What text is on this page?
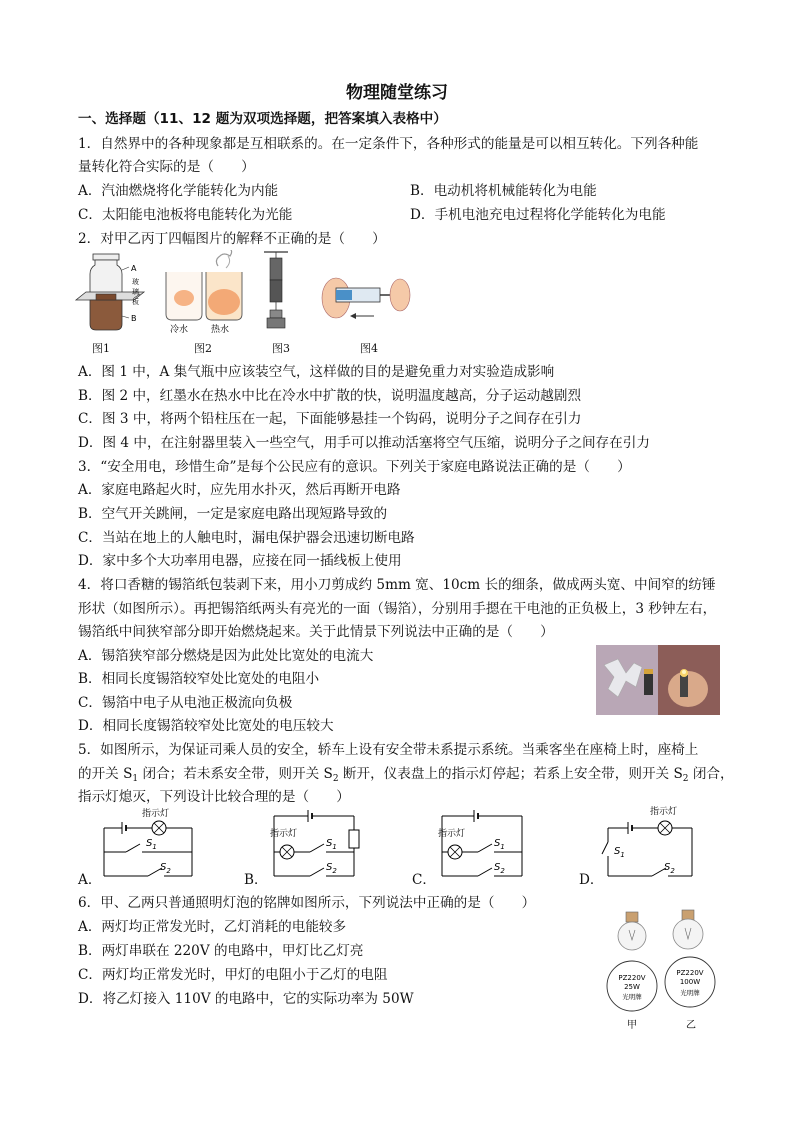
物理随堂练习
一、选择题（11、12 题为双项选择题，把答案填入表格中）
1．自然界中的各种现象都是互相联系的。在一定条件下，各种形式的能量是可以相互转化。下列各种能
量转化符合实际的是（　　）
A．汽油燃烧将化学能转化为内能	B．电动机将机械能转化为电能
C．太阳能电池板将电能转化为光能	D．手机电池充电过程将化学能转化为电能
2．对甲乙丙丁四幅图片的解释不正确的是（　　）
A
B
玻
璃
板
冷水	热水
图1	图2	图3	图4
A．图 1 中，A 集气瓶中应该装空气，这样做的目的是避免重力对实验造成影响
B．图 2 中，红墨水在热水中比在冷水中扩散的快，说明温度越高，分子运动越剧烈
C．图 3 中，将两个铅柱压在一起，下面能够悬挂一个钩码，说明分子之间存在引力
D．图 4 中，在注射器里装入一些空气，用手可以推动活塞将空气压缩，说明分子之间存在引力
3．“安全用电，珍惜生命”是每个公民应有的意识。下列关于家庭电路说法正确的是（　　）
A．家庭电路起火时，应先用水扑灭，然后再断开电路
B．空气开关跳闸，一定是家庭电路出现短路导致的
C．当站在地上的人触电时，漏电保护器会迅速切断电路
D．家中多个大功率用电器，应接在同一插线板上使用
4．将口香糖的锡箔纸包装剥下来，用小刀剪成约 5mm 宽、10cm 长的细条，做成两头宽、中间窄的纺锤
形状（如图所示）。再把锡箔纸两头有亮光的一面（锡箔），分别用手摁在干电池的正负极上，3 秒钟左右，
锡箔纸中间狭窄部分即开始燃烧起来。关于此情景下列说法中正确的是（　　）
A．锡箔狭窄部分燃烧是因为此处比宽处的电流大
B．相同长度锡箔较窄处比宽处的电阻小
C．锡箔中电子从电池正极流向负极
D．相同长度锡箔较窄处比宽处的电压较大
5．如图所示，为保证司乘人员的安全，轿车上设有安全带未系提示系统。当乘客坐在座椅上时，座椅上
的开关 $S_1$ 闭合；若未系安全带，则开关 $S_2$ 断开，仪表盘上的指示灯停起；若系上安全带，则开关 $S_2$ 闭合，
指示灯熄灭，下列设计比较合理的是（　　）
A．	B．	C．	D．
指示灯
$S_1$
$S_2$
指示灯
$S_1$
$S_2$
指示灯
$S_1$
$S_2$
指示灯
$S_1$
$S_2$
6．甲、乙两只普通照明灯泡的铭牌如图所示，下列说法中正确的是（　　）
A．两灯均正常发光时，乙灯消耗的电能较多
B．两灯串联在 220V 的电路中，甲灯比乙灯亮
C．两灯均正常发光时，甲灯的电阻小于乙灯的电阻
D．将乙灯接入 110V 的电路中，它的实际功率为 50W
PZ220V
25W
光明牌
甲
PZ220V
100W
光明牌
乙
